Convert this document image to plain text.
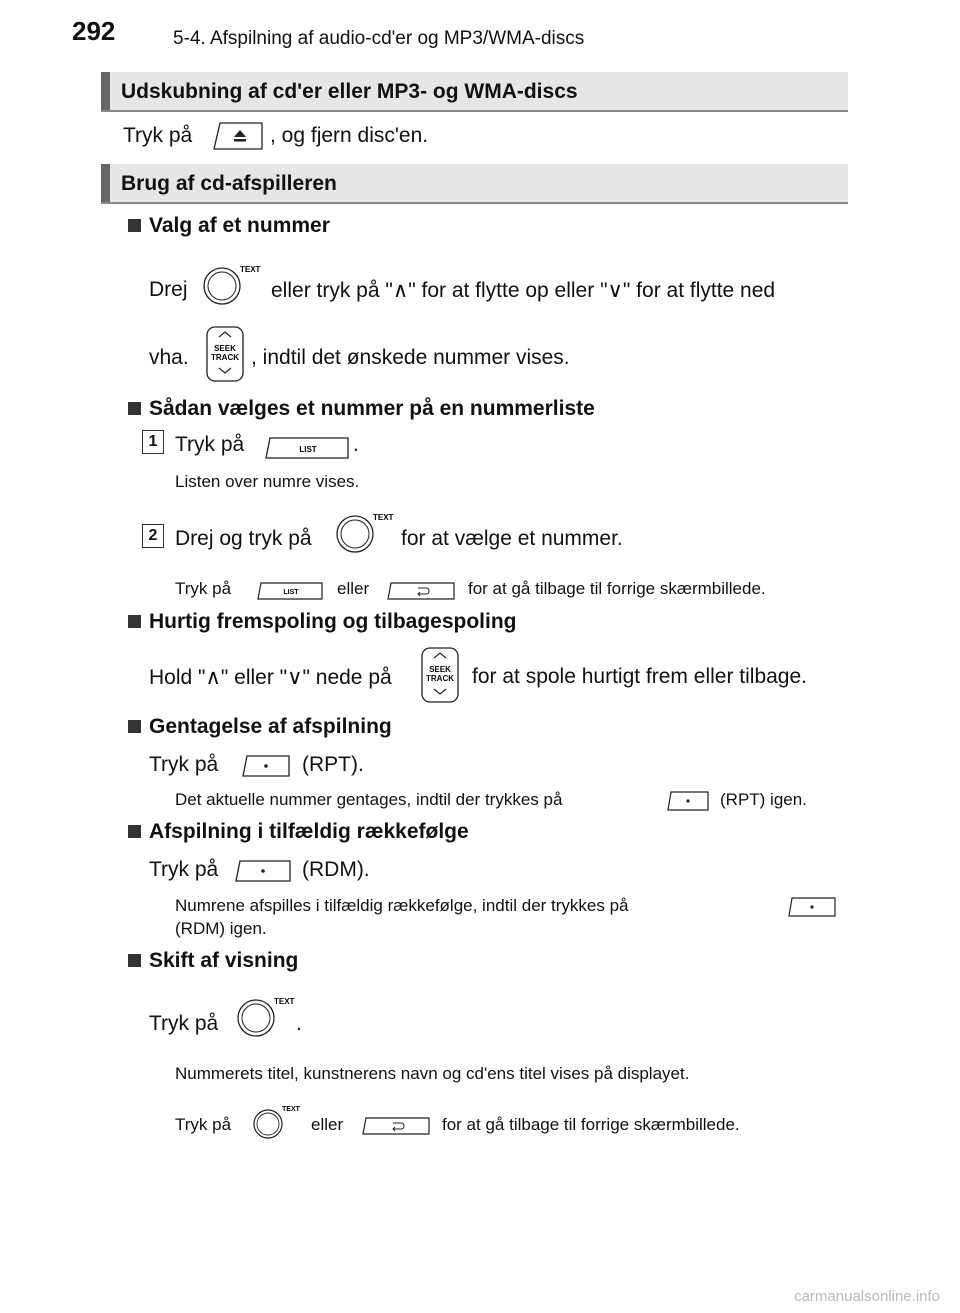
292	5-4. Afspilning af audio-cd'er og MP3/WMA-discs
Udskubning af cd'er eller MP3- og WMA-discs
Tryk på	, og fjern disc'en.
Brug af cd-afspilleren
Valg af et nummer
Drej
TEXT
eller tryk på "∧" for at flytte op eller "∨" for at flytte ned
vha.	SEEK
TRACK , indtil det ønskede nummer vises.
Sådan vælges et nummer på en nummerliste
1 Tryk på	LIST .
Listen over numre vises.
2 Drej og tryk på
TEXT
for at vælge et nummer.
Tryk på	LIST eller	for at gå tilbage til forrige skærmbillede.
Hurtig fremspoling og tilbagespoling
Hold "∧" eller "∨" nede på	SEEK
TRACK for at spole hurtigt frem eller tilbage.
Gentagelse af afspilning
Tryk på	(RPT).
Det aktuelle nummer gentages, indtil der trykkes på	(RPT) igen.
Afspilning i tilfældig rækkefølge
Tryk på	(RDM).
Numrene afspilles i tilfældig rækkefølge, indtil der trykkes på
(RDM) igen.
Skift af visning
Tryk på
TEXT
.
Nummerets titel, kunstnerens navn og cd'ens titel vises på displayet.
Tryk på
TEXT
eller	for at gå tilbage til forrige skærmbillede.
carmanualsonline.info
